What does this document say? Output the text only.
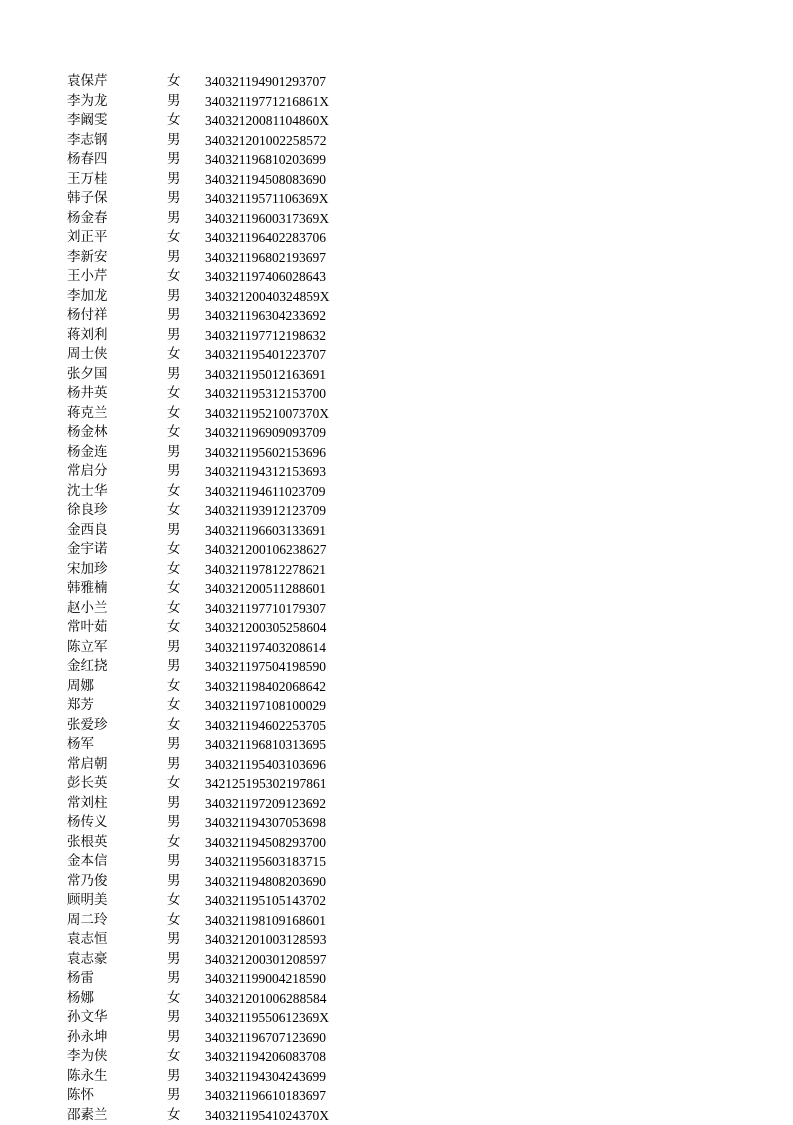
袁保芹	女 340321194901293707
李为龙	男 34032119771216861X
李阚雯	女 34032120081104860X
李志钢	男 340321201002258572
杨春四	男 340321196810203699
王万桂	男 340321194508083690
韩子保	男 34032119571106369X
杨金春	男 34032119600317369X
刘正平	女 340321196402283706
李新安	男 340321196802193697
王小芹	女 340321197406028643
李加龙	男 34032120040324859X
杨付祥	男 340321196304233692
蒋刘利	男 340321197712198632
周士侠	女 340321195401223707
张夕国	男 340321195012163691
杨井英	女 340321195312153700
蒋克兰	女 34032119521007370X
杨金林	女 340321196909093709
杨金连	男 340321195602153696
常启分	男 340321194312153693
沈士华	女 340321194611023709
徐良珍	女 340321193912123709
金西良	男 340321196603133691
金宇诺	女 340321200106238627
宋加珍	女 340321197812278621
韩雅楠	女 340321200511288601
赵小兰	女 340321197710179307
常叶茹	女 340321200305258604
陈立军	男 340321197403208614
金红挠	男 340321197504198590
周娜	女 340321198402068642
郑芳	女 340321197108100029
张爱珍	女 340321194602253705
杨军	男 340321196810313695
常启朝	男 340321195403103696
彭长英	女 342125195302197861
常刘柱	男 340321197209123692
杨传义	男 340321194307053698
张根英	女 340321194508293700
金本信	男 340321195603183715
常乃俊	男 340321194808203690
顾明美	女 340321195105143702
周二玲	女 340321198109168601
袁志恒	男 340321201003128593
袁志豪	男 340321200301208597
杨雷	男 340321199004218590
杨娜	女 340321201006288584
孙文华	男 34032119550612369X
孙永坤	男 340321196707123690
李为侠	女 340321194206083708
陈永生	男 340321194304243699
陈怀	男 340321196610183697
邵素兰	女 34032119541024370X
